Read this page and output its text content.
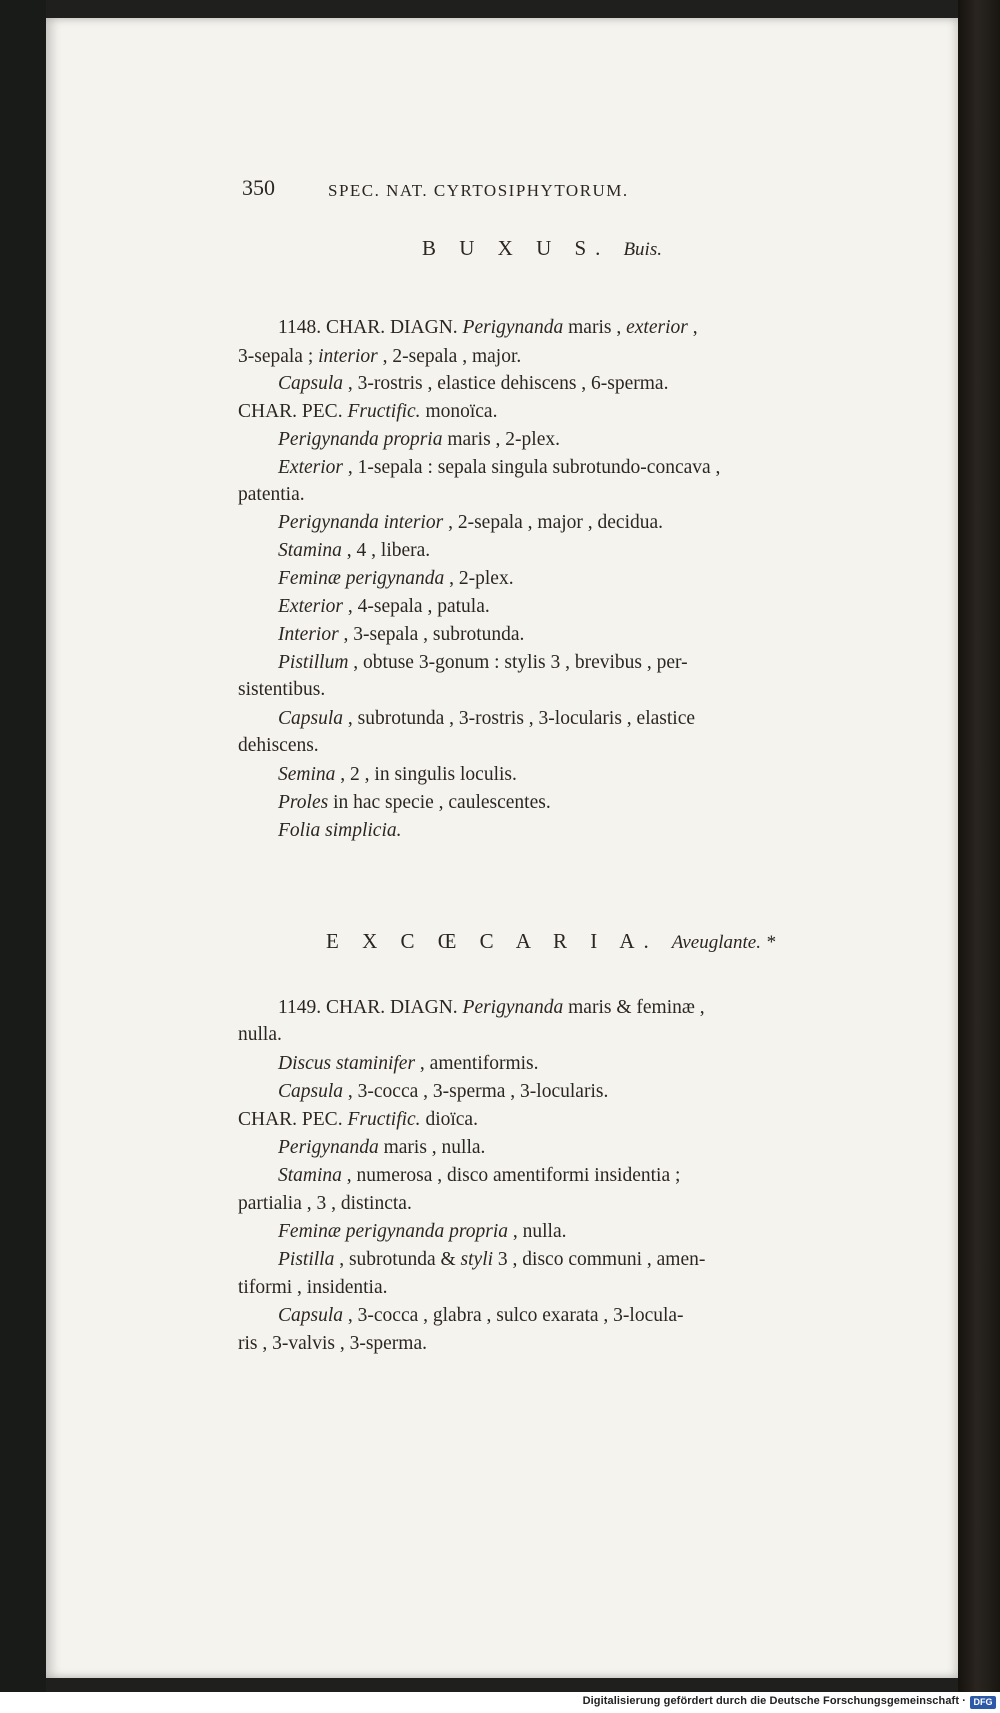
350	SPEC. NAT. CYRTOSIPHYTORUM.
B U X U S. Buis.
1148. CHAR. DIAGN. Perigynanda maris , exterior ,
3-sepala ; interior , 2-sepala , major.
Capsula , 3-rostris , elastice dehiscens , 6-sperma.
CHAR. PEC. Fructific. monoïca.
Perigynanda propria maris , 2-plex.
Exterior , 1-sepala : sepala singula subrotundo-concava ,
patentia.
Perigynanda interior , 2-sepala , major , decidua.
Stamina , 4 , libera.
Feminæ perigynanda , 2-plex.
Exterior , 4-sepala , patula.
Interior , 3-sepala , subrotunda.
Pistillum , obtuse 3-gonum : stylis 3 , brevibus , per-
sistentibus.
Capsula , subrotunda , 3-rostris , 3-locularis , elastice
dehiscens.
Semina , 2 , in singulis loculis.
Proles in hac specie , caulescentes.
Folia simplicia.
E X C Œ C A R I A. Aveuglante. *
1149. CHAR. DIAGN. Perigynanda maris & feminæ ,
nulla.
Discus staminifer , amentiformis.
Capsula , 3-cocca , 3-sperma , 3-locularis.
CHAR. PEC. Fructific. dioïca.
Perigynanda maris , nulla.
Stamina , numerosa , disco amentiformi insidentia ;
partialia , 3 , distincta.
Feminæ perigynanda propria , nulla.
Pistilla , subrotunda & styli 3 , disco communi , amen-
tiformi , insidentia.
Capsula , 3-cocca , glabra , sulco exarata , 3-locula-
ris , 3-valvis , 3-sperma.
Digitalisierung gefördert durch die Deutsche Forschungsgemeinschaft · DFG
